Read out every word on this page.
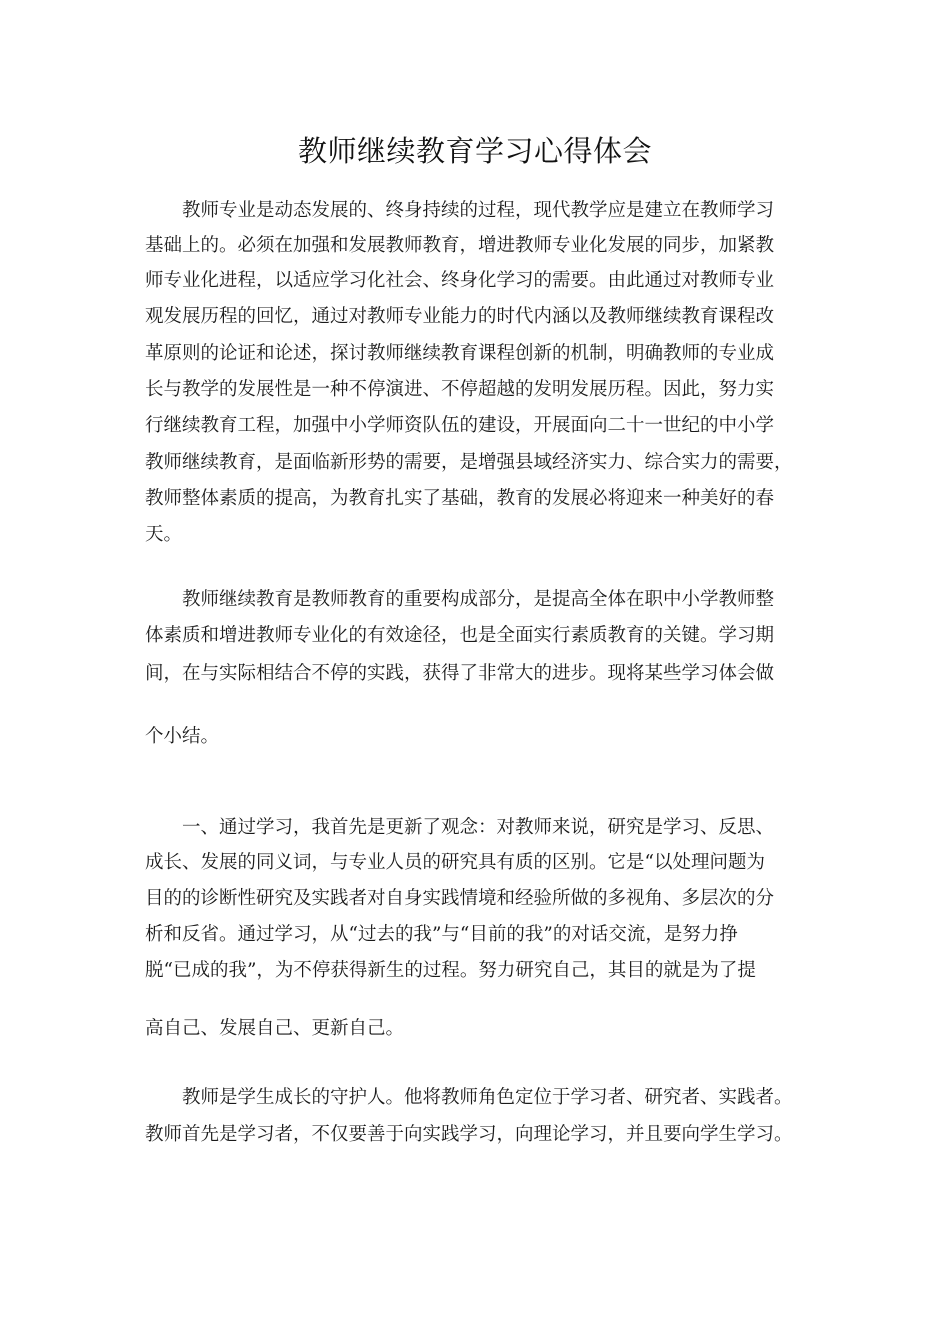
教师继续教育学习心得体会

教师专业是动态发展的、终身持续的过程，现代教学应是建立在教师学习

基础上的。必须在加强和发展教师教育，增进教师专业化发展的同步，加紧教

师专业化进程，以适应学习化社会、终身化学习的需要。由此通过对教师专业

观发展历程的回忆，通过对教师专业能力的时代内涵以及教师继续教育课程改

革原则的论证和论述，探讨教师继续教育课程创新的机制，明确教师的专业成

长与教学的发展性是一种不停演进、不停超越的发明发展历程。因此，努力实

行继续教育工程，加强中小学师资队伍的建设，开展面向二十一世纪的中小学

教师继续教育，是面临新形势的需要，是增强县域经济实力、综合实力的需要，

教师整体素质的提高，为教育扎实了基础，教育的发展必将迎来一种美好的春

天。

教师继续教育是教师教育的重要构成部分，是提高全体在职中小学教师整

体素质和增进教师专业化的有效途径，也是全面实行素质教育的关键。学习期

间，在与实际相结合不停的实践，获得了非常大的进步。现将某些学习体会做

个小结。

一、通过学习，我首先是更新了观念：对教师来说，研究是学习、反思、

成长、发展的同义词，与专业人员的研究具有质的区别。它是“以处理问题为

目的的诊断性研究及实践者对自身实践情境和经验所做的多视角、多层次的分

析和反省。通过学习，从“过去的我”与“目前的我”的对话交流，是努力挣

脱“已成的我”，为不停获得新生的过程。努力研究自己，其目的就是为了提

高自己、发展自己、更新自己。

教师是学生成长的守护人。他将教师角色定位于学习者、研究者、实践者。

教师首先是学习者，不仅要善于向实践学习，向理论学习，并且要向学生学习。
